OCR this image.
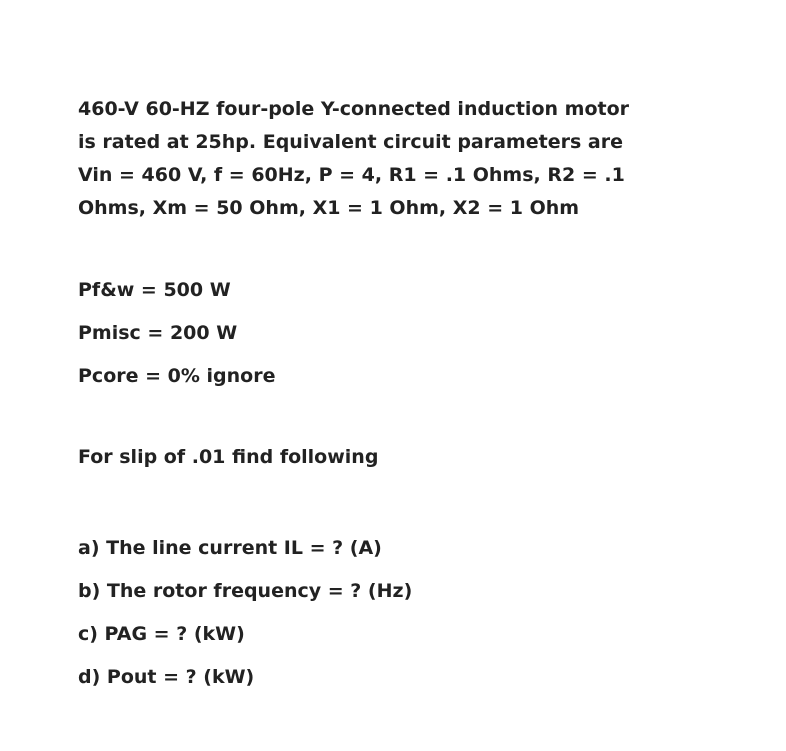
460-V 60-HZ four-pole Y-connected induction motor
is rated at 25hp. Equivalent circuit parameters are
Vin = 460 V, f = 60Hz, P = 4, R1 = .1 Ohms, R2 = .1
Ohms, Xm = 50 Ohm, X1 = 1 Ohm, X2 = 1 Ohm
Pf&w = 500 W
Pmisc = 200 W
Pcore = 0% ignore
For slip of .01 find following
a) The line current IL = ? (A)
b) The rotor frequency = ? (Hz)
c) PAG = ? (kW)
d) Pout = ? (kW)
